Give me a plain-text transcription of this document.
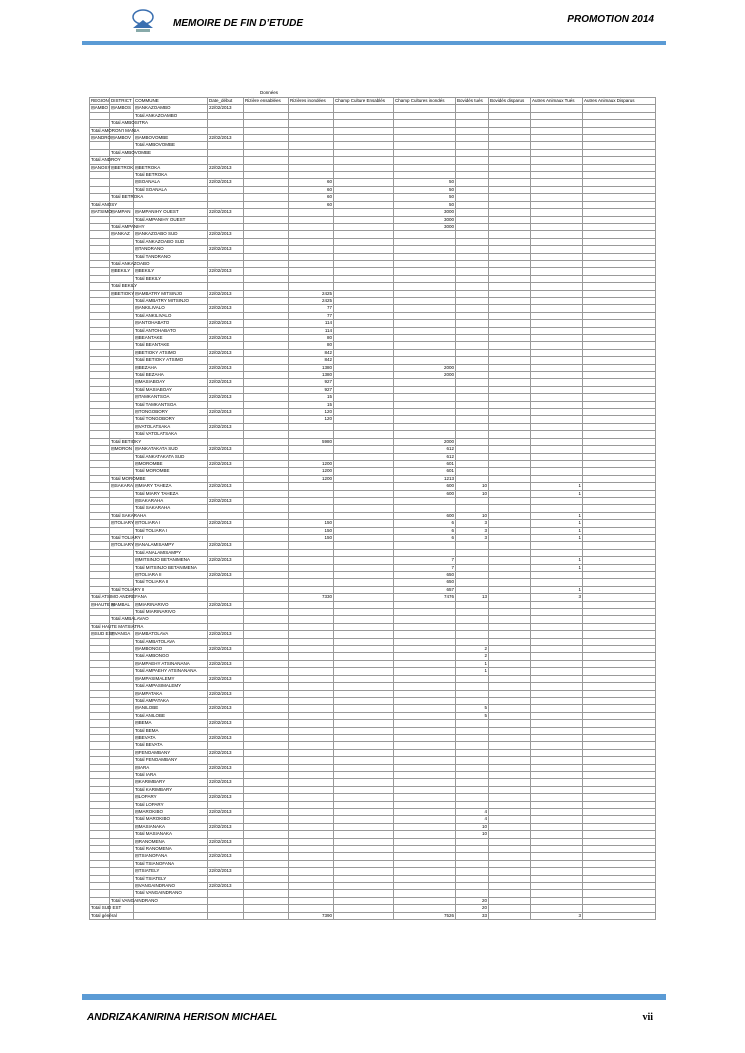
MEMOIRE DE FIN D’ETUDE	PROMOTION 2014
Données
REGION	DISTRICT	COMMUNE	Date_début	Rizière ensablées	Rizières inondées	Champ Culture Ensablés	Champ Cultures inondés	Bovidés tués	Bovidés disparus	Autres Animaux Tués	Autres Animaux Disparus
⊟AMBO	⊟AMBOS	⊟ANKAZOAMBO	22/02/2013								
		Total ANKAZOAMBO									
	Total AMBOSITRA										
Total AMORON'I MANIA											
⊟ANDRO	⊟AMBOV	⊟AMBOVOMBE	22/02/2013								
		Total AMBOVOMBE									
	Total AMBOVOMBE										
Total ANDROY											
⊟ANOSY	⊟BETROK	⊟BETROKA	22/02/2013								
		Total BETROKA									
		⊟SOANALA	22/02/2013		60		50				
		Total SOANALA			60		50				
	Total BETROKA				60		50				
Total ANOSY					60		50				
⊟ATSIMO	⊟AMPAN	⊟AMPANIHY OUEST	22/02/2013				3000				
		Total AMPANIHY OUEST					3000				
	Total AMPANIHY						3000				
	⊟ANKAZ	⊟ANKAZOABO SUD	22/02/2013								
		Total ANKAZOABO SUD									
		⊟TANDRANO	22/02/2013								
		Total TANDRANO									
	Total ANKAZOABO										
	⊟BEKILY	⊟BEKILY	22/02/2013								
		Total BEKILY									
	Total BEKILY										
	⊟BETIOKY	⊟AMBATRY MITSINJO	22/02/2013		2425						
		Total AMBATRY MITSINJO			2425						
		⊟ANKILIVALO	22/02/2013		77						
		Total ANKILIVALO			77						
		⊟ANTOHABATO	22/02/2013		114						
		Total ANTOHABATO			114						
		⊟BEANTAKE	22/02/2013		80						
		Total BEANTAKE			80						
		⊟BETIOKY ATSIMO	22/02/2013		842						
		Total BETIOKY ATSIMO			842						
		⊟BEZAHA	22/02/2013		1380		2000				
		Total BEZAHA			1380		2000				
		⊟MASIABOAY	22/02/2013		927						
		Total MASIABOAY			927						
		⊟TAMKANTSOA	22/02/2013		15						
		Total TAMKANTSOA			15						
		⊟TONGOBORY	22/02/2013		120						
		Total TONGOBORY			120						
		⊟VATOLATSAKA	22/02/2013								
		Total VATOLATSAKA									
	Total BETIOKY				5980		2000				
	⊟MORON	⊟ANKATAKATA SUD	22/02/2013				612				
		Total ANKATAKATA SUD					612				
		⊟MOROMBE	22/02/2013		1200		601				
		Total MOROMBE			1200		601				
	Total MOROMBE				1200		1213				
	⊟SAKARA	⊟MIARY TAHEZA	22/02/2013				600	10		1	
		Total MIARY TAHEZA					600	10		1	
		⊟SAKARAHA	22/02/2013								
		Total SAKARAHA									
	Total SAKARAHA						600	10		1	
	⊟TOLIARY	⊟TOLIARA I	22/02/2013		150		6	3		1	
		Total TOLIARA I			150		6	3		1	
	Total TOLIARY I				150		6	3		1	
	⊟TOLIARY	⊟ANALAMISAMPY	22/02/2013								
		Total ANALAMISAMPY									
		⊟MITSINJO BETANIMENA	22/02/2013				7			1	
		Total MITSINJO BETANIMENA					7			1	
		⊟TOLIARA II	22/02/2013				650				
		Total TOLIARA II					650				
	Total TOLIARY II						657			1	
Total ATSIMO ANDREFANA					7330		7476	13		3	
⊟HAUTE M	⊟AMBAL	⊟MIARINARIVO	22/02/2013								
		Total MIARINARIVO									
	Total AMBALAVAO										
Total HAUTE MATSIATRA											
⊟SUD EST	⊟VANGA	⊟AMBATOLAVA	22/02/2013								
		Total AMBATOLAVA									
		⊟AMBONGO	22/02/2013					2			
		Total AMBONGO						2			
		⊟AMPAEHY ATSINANANA	22/02/2013					1			
		Total AMPAEHY ATSINANANA						1			
		⊟AMPASIMALEMY	22/02/2013								
		Total AMPASIMALEMY									
		⊟AMPATAKA	22/02/2013								
		Total AMPATAKA									
		⊟ANILOBE	22/02/2013					5			
		Total ANILOBE						5			
		⊟BEMA	22/02/2013								
		Total BEMA									
		⊟BEVATA	22/02/2013								
		Total BEVATA									
		⊟FENOAMBANY	22/02/2013								
		Total FENOAMBANY									
		⊟IARA	22/02/2013								
		Total IARA									
		⊟KARIMBARY	22/02/2013								
		Total KARIMBARY									
		⊟LOPARY	22/02/2013								
		Total LOPARY									
		⊟MAROKIBO	22/02/2013					4			
		Total MAROKIBO						4			
		⊟MASIANAKA	22/02/2013					10			
		Total MASIANAKA						10			
		⊟RANOMENA	22/02/2013								
		Total RANOMENA									
		⊟TSIANOFANA	22/02/2013								
		Total TSIANOFANA									
		⊟TSIATELY	22/02/2013								
		Total TSIATELY									
		⊟VANGAINDRANO	22/02/2013								
		Total VANGAINDRANO									
	Total VANGAINDRANO							20			
Total SUD EST								20			
Total général					7390		7526	33		3	
ANDRIZAKANIRINA HERISON MICHAEL	vii
